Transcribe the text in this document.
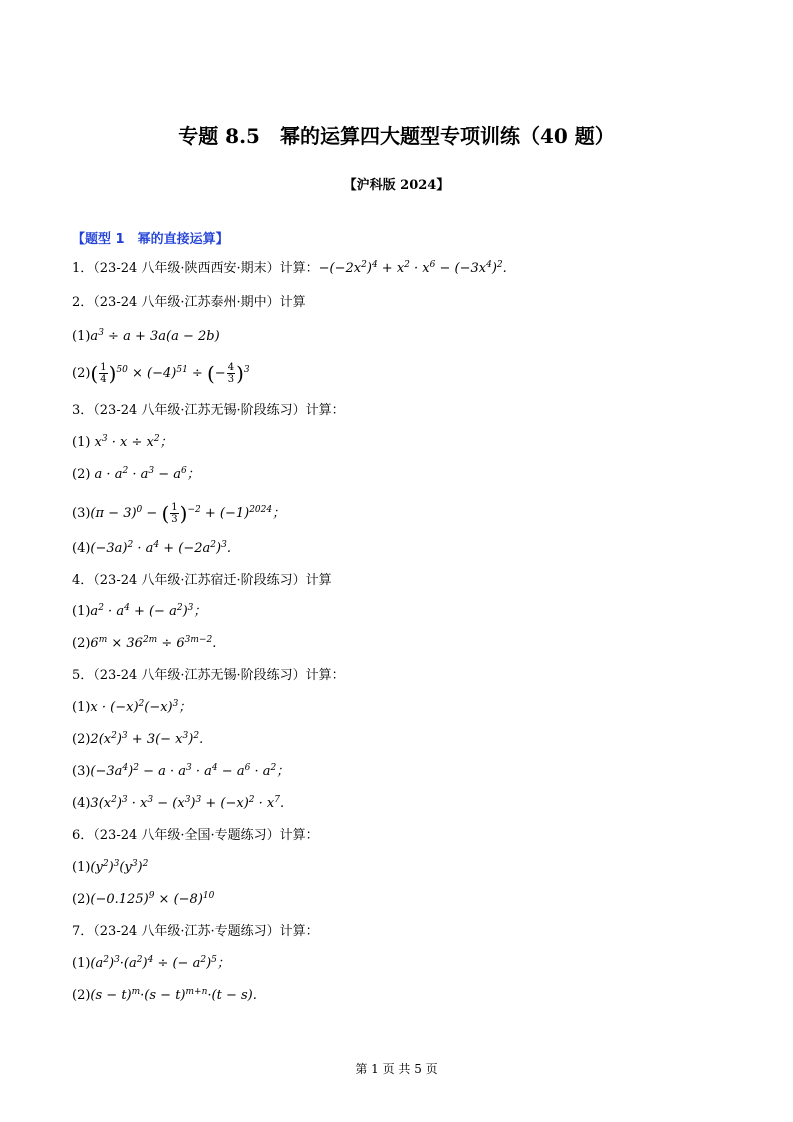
专题 8.5　幂的运算四大题型专项训练（40 题）
【沪科版 2024】
【题型 1　幂的直接运算】
1．（23-24 八年级·陕西西安·期末）计算：$-(-2x^2)^4 + x^2 \cdot x^6 - (-3x^4)^2$.
2．（23-24 八年级·江苏泰州·期中）计算
$(1)a^3 \div a + 3a(a - 2b)$
$(2)( \frac{1}{4} )^{50} \times (-4)^{51}$ ÷ (− $\frac{4}{3} )^3$
3．（23-24 八年级·江苏无锡·阶段练习）计算：
(1) $x^3 \cdot x \div x^2$；
(2) $a \cdot a^2 \cdot a^3 - a^6$；
$(3)(\pi - 3)^0$ − ( $\frac{1}{3} )^{-2} + (-1)^{2024}$；
$(4)(-3a)^2 \cdot a^4 + (-2a^2)^3$.
4．（23-24 八年级·江苏宿迁·阶段练习）计算
$(1)a^2 \cdot a^4$ + (− $a^2)^3$；
$(2)6^m \times 36^{2m} \div 6^{3m-2}$.
5．（23-24 八年级·江苏无锡·阶段练习）计算：
$(1)x \cdot (-x)^2(-x)^3$；
$(2)2(x^2)^3 + 3(- x^3)^2$.
$(3)(-3a^4)^2 - a \cdot a^3 \cdot a^4 - a^6 \cdot a^2$；
$(4)3(x^2)^3 \cdot x^3 - (x^3)^3 + (-x)^2 \cdot x^7$.
6．（23-24 八年级·全国·专题练习）计算：
$(1)(y^2)^3(y^3)^2$
$(2)(-0.125)^9 \times (-8)^{10}$
7．（23-24 八年级·江苏·专题练习）计算：
$(1)(a^2)^3\cdot(a^2)^4$ ÷ (− $a^2)^5$；
$(2)(s - t)^m\cdot(s - t)^{m+n}\cdot(t - s)$.
第 1 页 共 5 页
